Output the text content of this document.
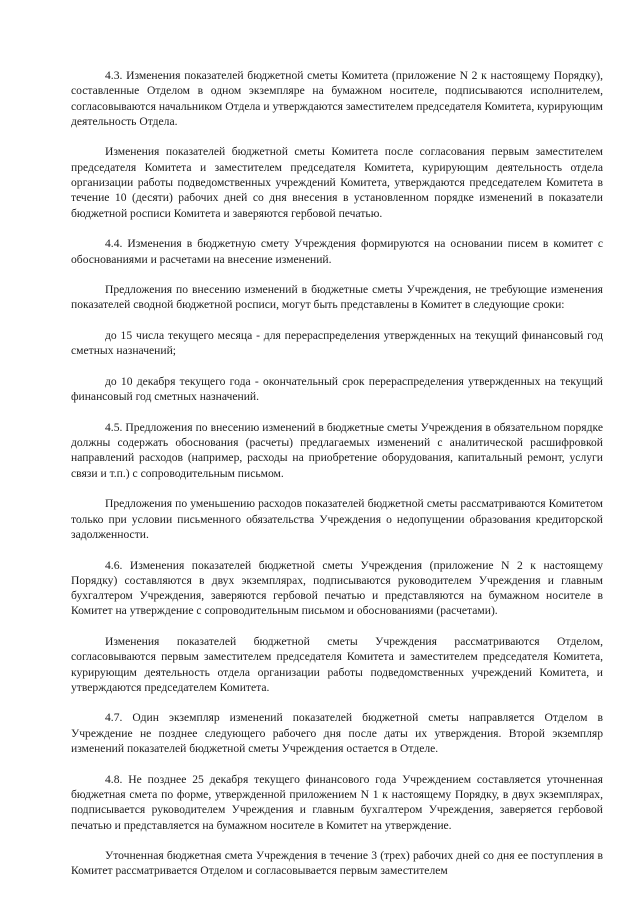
4.3. Изменения показателей бюджетной сметы Комитета (приложение N 2 к настоящему Порядку), составленные Отделом в одном экземпляре на бумажном носителе, подписываются исполнителем, согласовываются начальником Отдела и утверждаются заместителем председателя Комитета, курирующим деятельность Отдела.

Изменения показателей бюджетной сметы Комитета после согласования первым заместителем председателя Комитета и заместителем председателя Комитета, курирующим деятельность отдела организации работы подведомственных учреждений Комитета, утверждаются председателем Комитета в течение 10 (десяти) рабочих дней со дня внесения в установленном порядке изменений в показатели бюджетной росписи Комитета и заверяются гербовой печатью.

4.4. Изменения в бюджетную смету Учреждения формируются на основании писем в комитет с обоснованиями и расчетами на внесение изменений.

Предложения по внесению изменений в бюджетные сметы Учреждения, не требующие изменения показателей сводной бюджетной росписи, могут быть представлены в Комитет в следующие сроки:

до 15 числа текущего месяца - для перераспределения утвержденных на текущий финансовый год сметных назначений;

до 10 декабря текущего года - окончательный срок перераспределения утвержденных на текущий финансовый год сметных назначений.

4.5. Предложения по внесению изменений в бюджетные сметы Учреждения в обязательном порядке должны содержать обоснования (расчеты) предлагаемых изменений с аналитической расшифровкой направлений расходов (например, расходы на приобретение оборудования, капитальный ремонт, услуги связи и т.п.) с сопроводительным письмом.

Предложения по уменьшению расходов показателей бюджетной сметы рассматриваются Комитетом только при условии письменного обязательства Учреждения о недопущении образования кредиторской задолженности.

4.6. Изменения показателей бюджетной сметы Учреждения (приложение N 2 к настоящему Порядку) составляются в двух экземплярах, подписываются руководителем Учреждения и главным бухгалтером Учреждения, заверяются гербовой печатью и представляются на бумажном носителе в Комитет на утверждение с сопроводительным письмом и обоснованиями (расчетами).

Изменения показателей бюджетной сметы Учреждения рассматриваются Отделом, согласовываются первым заместителем председателя Комитета и заместителем председателя Комитета, курирующим деятельность отдела организации работы подведомственных учреждений Комитета, и утверждаются председателем Комитета.

4.7. Один экземпляр изменений показателей бюджетной сметы направляется Отделом в Учреждение не позднее следующего рабочего дня после даты их утверждения. Второй экземпляр изменений показателей бюджетной сметы Учреждения остается в Отделе.

4.8. Не позднее 25 декабря текущего финансового года Учреждением составляется уточненная бюджетная смета по форме, утвержденной приложением N 1 к настоящему Порядку, в двух экземплярах, подписывается руководителем Учреждения и главным бухгалтером Учреждения, заверяется гербовой печатью и представляется на бумажном носителе в Комитет на утверждение.

Уточненная бюджетная смета Учреждения в течение 3 (трех) рабочих дней со дня ее поступления в Комитет рассматривается Отделом и согласовывается первым заместителем
